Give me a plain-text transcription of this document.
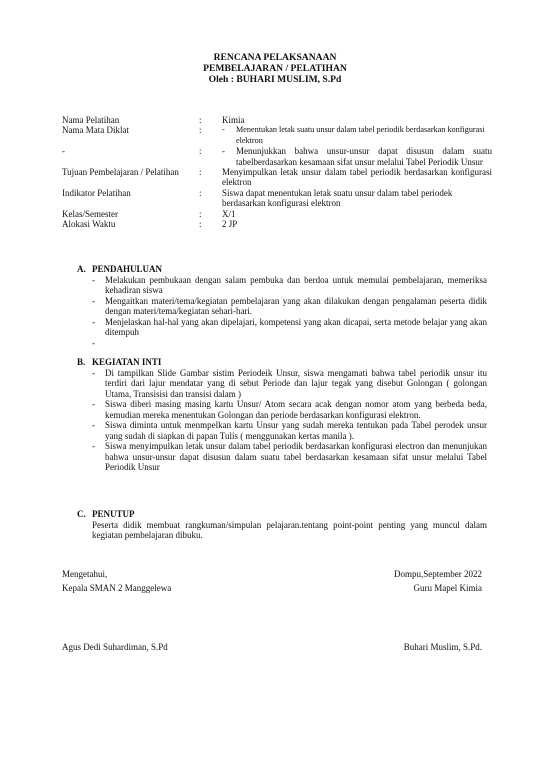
RENCANA PELAKSANAAN
PEMBELAJARAN / PELATIHAN
Oleh : BUHARI MUSLIM, S.Pd
Nama Pelatihan	:	Kimia
Nama Mata Diklat	:	-	Menentukan letak suatu unsur dalam tabel periodik berdasarkan konfigurasi elektron
-	:	-	Menunjukkan bahwa unsur-unsur dapat disusun dalam suatu tabelberdasarkan kesamaan sifat unsur melalui Tabel Periodik Unsur
Tujuan Pembelajaran / Pelatihan	:	Menyimpulkan letak unsur dalam tabel periodik berdasarkan konfigurasi elektron
Indikator Pelatihan	:	Siswa dapat menentukan letak suatu unsur dalam tabel periodek berdasarkan konfigurasi elektron
Kelas/Semester	:	X/1
Alokasi Waktu	:	2 JP
A. PENDAHULUAN
-	Melakukan pembukaan dengan salam pembuka dan berdoa untuk memulai pembelajaran, memeriksa kehadiran siswa
-	Mengaitkan materi/tema/kegiatan pembelajaran yang akan dilakukan dengan pengalaman peserta didik dengan materi/tema/kegiatan sehari-hari.
-	Menjelaskan hal-hal yang akan dipelajari, kompetensi yang akan dicapai, serta metode belajar yang akan ditempuh
-
B. KEGIATAN INTI
-	Di tampilkan Slide Gambar sistim Periodeik Unsur, siswa mengamati bahwa tabel periodik unsur itu terdiri dari lajur mendatar yang di sebut Periode dan lajur tegak yang disebut Golongan ( golongan Utama, Transisisi dan transisi dalam )
-	Siswa diberi masing masing kartu Unsur/ Atom secara acak dengan nomor atom yang berbeda beda, kemudian mereka menentukan Golongan dan periode berdasarkan konfigurasi elektron.
-	Siswa diminta untuk menmpelkan kartu Unsur yang sudah mereka tentukan pada Tabel perodek unsur yang sudah di siapkan di papan Tulis ( menggunakan kertas manila ).
-	Siswa menyimpulkan letak unsur dalam tabel periodik berdasarkan konfigurasi electron dan menunjukan bahwa unsur-unsur dapat disusun dalam suatu tabel berdasarkan kesamaan sifat unsur melalui Tabel Periodik Unsur
C. PENUTUP
Peserta didik membuat rangkuman/simpulan pelajaran.tentang point-point penting yang muncul dalam kegiatan pembelajaran dibuku.
Mengetahui,	Dompu,September 2022
Kepala SMAN 2 Manggelewa	Guru Mapel Kimia
Agus Dedi Suhardiman, S.Pd	Buhari Muslim, S.Pd.
